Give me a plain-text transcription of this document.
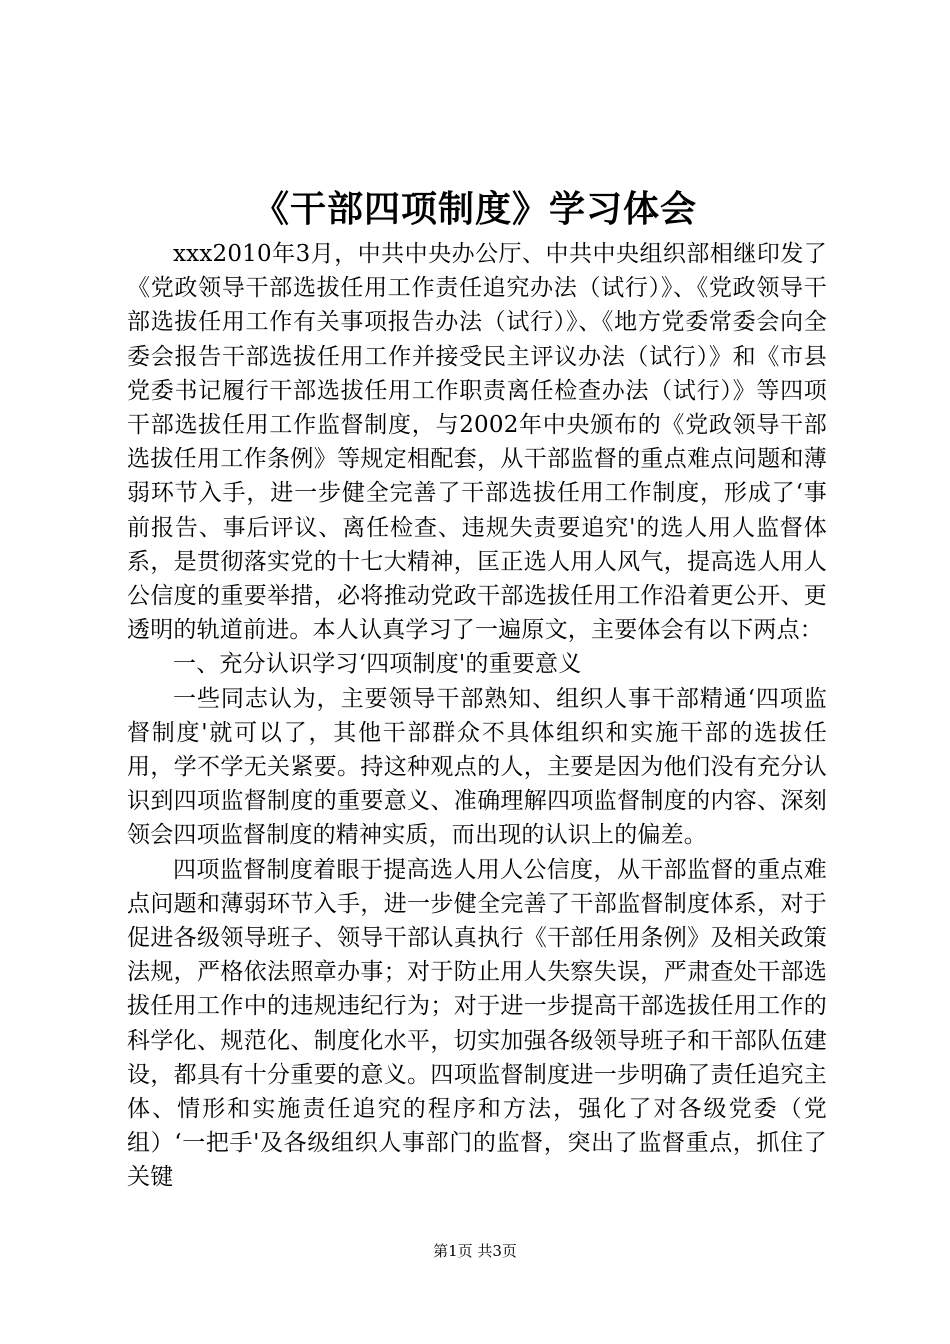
《干部四项制度》学习体会

xxx2010年3月，中共中央办公厅、中共中央组织部相继印发了《党政领导干部选拔任用工作责任追究办法（试行）》、《党政领导干部选拔任用工作有关事项报告办法（试行）》、《地方党委常委会向全委会报告干部选拔任用工作并接受民主评议办法（试行）》和《市县党委书记履行干部选拔任用工作职责离任检查办法（试行）》等四项干部选拔任用工作监督制度，与2002年中央颁布的《党政领导干部选拔任用工作条例》等规定相配套，从干部监督的重点难点问题和薄弱环节入手，进一步健全完善了干部选拔任用工作制度，形成了‘事前报告、事后评议、离任检查、违规失责要追究'的选人用人监督体系，是贯彻落实党的十七大精神，匡正选人用人风气，提高选人用人公信度的重要举措，必将推动党政干部选拔任用工作沿着更公开、更透明的轨道前进。本人认真学习了一遍原文，主要体会有以下两点：

一、充分认识学习‘四项制度'的重要意义

一些同志认为，主要领导干部熟知、组织人事干部精通‘四项监督制度'就可以了，其他干部群众不具体组织和实施干部的选拔任用，学不学无关紧要。持这种观点的人，主要是因为他们没有充分认识到四项监督制度的重要意义、准确理解四项监督制度的内容、深刻领会四项监督制度的精神实质，而出现的认识上的偏差。

四项监督制度着眼于提高选人用人公信度，从干部监督的重点难点问题和薄弱环节入手，进一步健全完善了干部监督制度体系，对于促进各级领导班子、领导干部认真执行《干部任用条例》及相关政策法规，严格依法照章办事；对于防止用人失察失误，严肃查处干部选拔任用工作中的违规违纪行为；对于进一步提高干部选拔任用工作的科学化、规范化、制度化水平，切实加强各级领导班子和干部队伍建设，都具有十分重要的意义。四项监督制度进一步明确了责任追究主体、情形和实施责任追究的程序和方法，强化了对各级党委（党组）‘一把手'及各级组织人事部门的监督，突出了监督重点，抓住了关键

第1页 共3页
